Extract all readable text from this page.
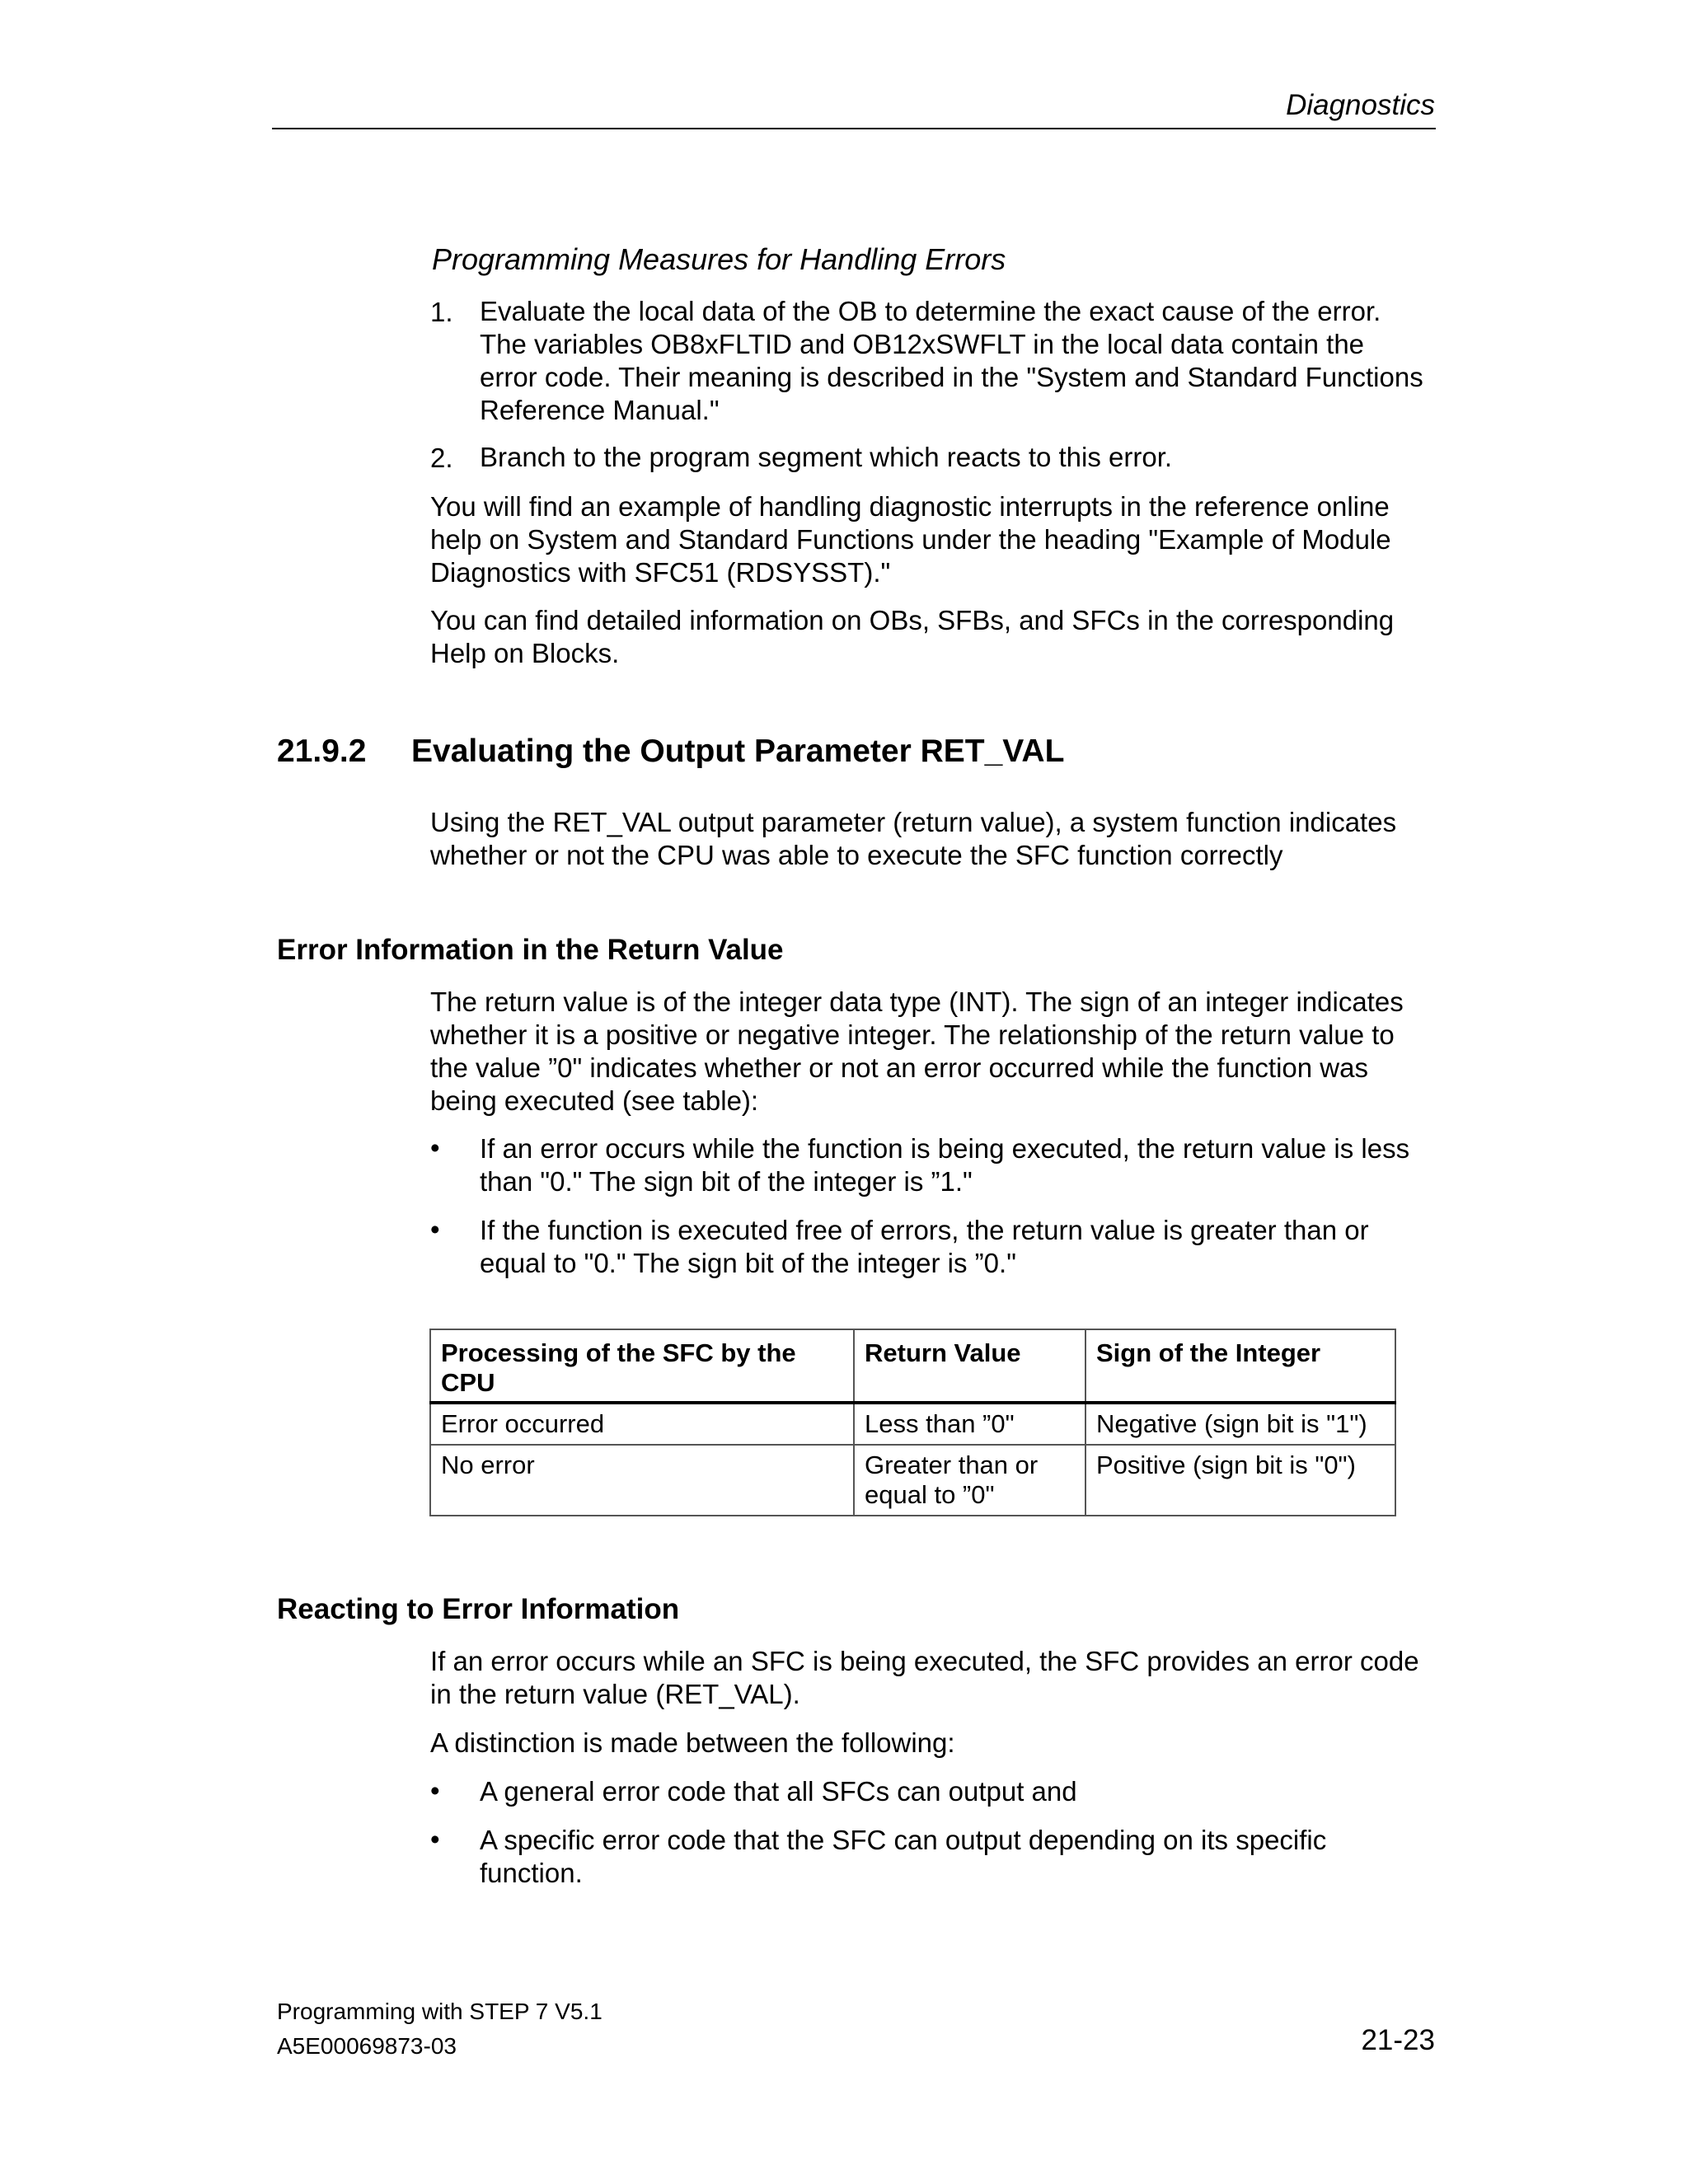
Diagnostics
Programming Measures for Handling Errors
1. Evaluate the local data of the OB to determine the exact cause of the error.
The variables OB8xFLTID and OB12xSWFLT in the local data contain the
error code. Their meaning is described in the "System and Standard Functions
Reference Manual."
2. Branch to the program segment which reacts to this error.
You will find an example of handling diagnostic interrupts in the reference online
help on System and Standard Functions under the heading "Example of Module
Diagnostics with SFC51 (RDSYSST)."
You can find detailed information on OBs, SFBs, and SFCs in the corresponding
Help on Blocks.
21.9.2 Evaluating the Output Parameter RET_VAL
Using the RET_VAL output parameter (return value), a system function indicates
whether or not the CPU was able to execute the SFC function correctly
Error Information in the Return Value
The return value is of the integer data type (INT). The sign of an integer indicates
whether it is a positive or negative integer. The relationship of the return value to
the value ”0" indicates whether or not an error occurred while the function was
being executed (see table):
• If an error occurs while the function is being executed, the return value is less
than "0." The sign bit of the integer is ”1."
• If the function is executed free of errors, the return value is greater than or
equal to "0." The sign bit of the integer is ”0."
Processing of the SFC by the CPU	Return Value	Sign of the Integer
Error occurred	Less than ”0"	Negative (sign bit is "1")
No error	Greater than or equal to ”0"	Positive (sign bit is "0")
Reacting to Error Information
If an error occurs while an SFC is being executed, the SFC provides an error code
in the return value (RET_VAL).
A distinction is made between the following:
• A general error code that all SFCs can output and
• A specific error code that the SFC can output depending on its specific
function.
Programming with STEP 7 V5.1
A5E00069873-03	21-23
